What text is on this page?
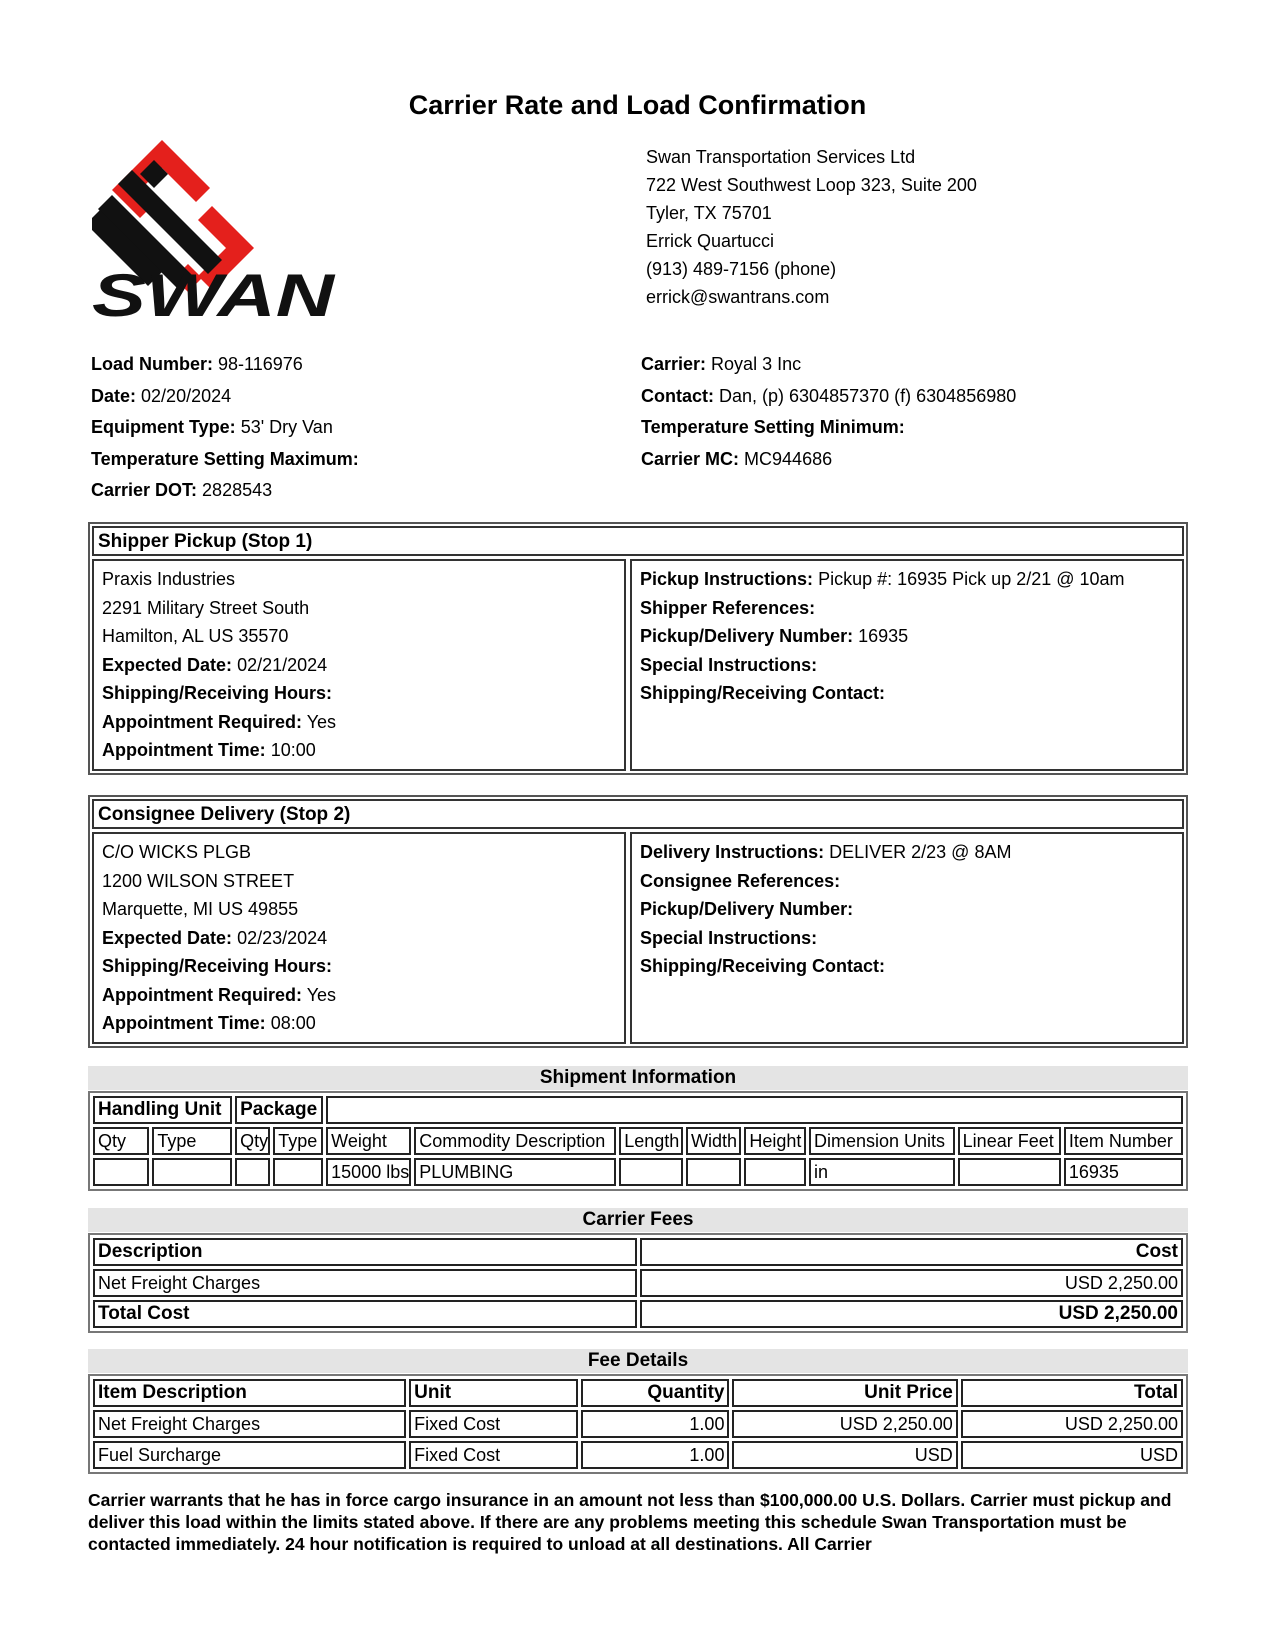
Carrier Rate and Load Confirmation
SWAN
Swan Transportation Services Ltd
722 West Southwest Loop 323, Suite 200
Tyler, TX 75701
Errick Quartucci
(913) 489-7156 (phone)
errick@swantrans.com
Load Number: 98-116976
Date: 02/20/2024
Equipment Type: 53' Dry Van
Temperature Setting Maximum:
Carrier DOT: 2828543
Carrier: Royal 3 Inc
Contact: Dan, (p) 6304857370 (f) 6304856980
Temperature Setting Minimum:
Carrier MC: MC944686
Shipper Pickup (Stop 1)
Praxis Industries
2291 Military Street South
Hamilton, AL US 35570
Expected Date: 02/21/2024
Shipping/Receiving Hours:
Appointment Required: Yes
Appointment Time: 10:00
Pickup Instructions: Pickup #: 16935 Pick up 2/21 @ 10am
Shipper References:
Pickup/Delivery Number: 16935
Special Instructions:
Shipping/Receiving Contact:
Consignee Delivery (Stop 2)
C/O WICKS PLGB
1200 WILSON STREET
Marquette, MI US 49855
Expected Date: 02/23/2024
Shipping/Receiving Hours:
Appointment Required: Yes
Appointment Time: 08:00
Delivery Instructions: DELIVER 2/23 @ 8AM
Consignee References:
Pickup/Delivery Number:
Special Instructions:
Shipping/Receiving Contact:
Shipment Information
Handling Unit		Package									
Qty	Type	Qty	Type	Weight	Commodity Description	Length	Width	Height	Dimension Units	Linear Feet	Item Number
				15000 lbs	PLUMBING				in		16935
Carrier Fees
Description	Cost
Net Freight Charges	USD 2,250.00
Total Cost	USD 2,250.00
Fee Details
Item Description	Unit	Quantity	Unit Price	Total
Net Freight Charges	Fixed Cost	1.00	USD 2,250.00	USD 2,250.00
Fuel Surcharge	Fixed Cost	1.00	USD	USD
Carrier warrants that he has in force cargo insurance in an amount not less than $100,000.00 U.S. Dollars. Carrier must pickup and deliver this load within the limits stated above. If there are any problems meeting this schedule Swan Transportation must be contacted immediately. 24 hour notification is required to unload at all destinations. All Carrier
